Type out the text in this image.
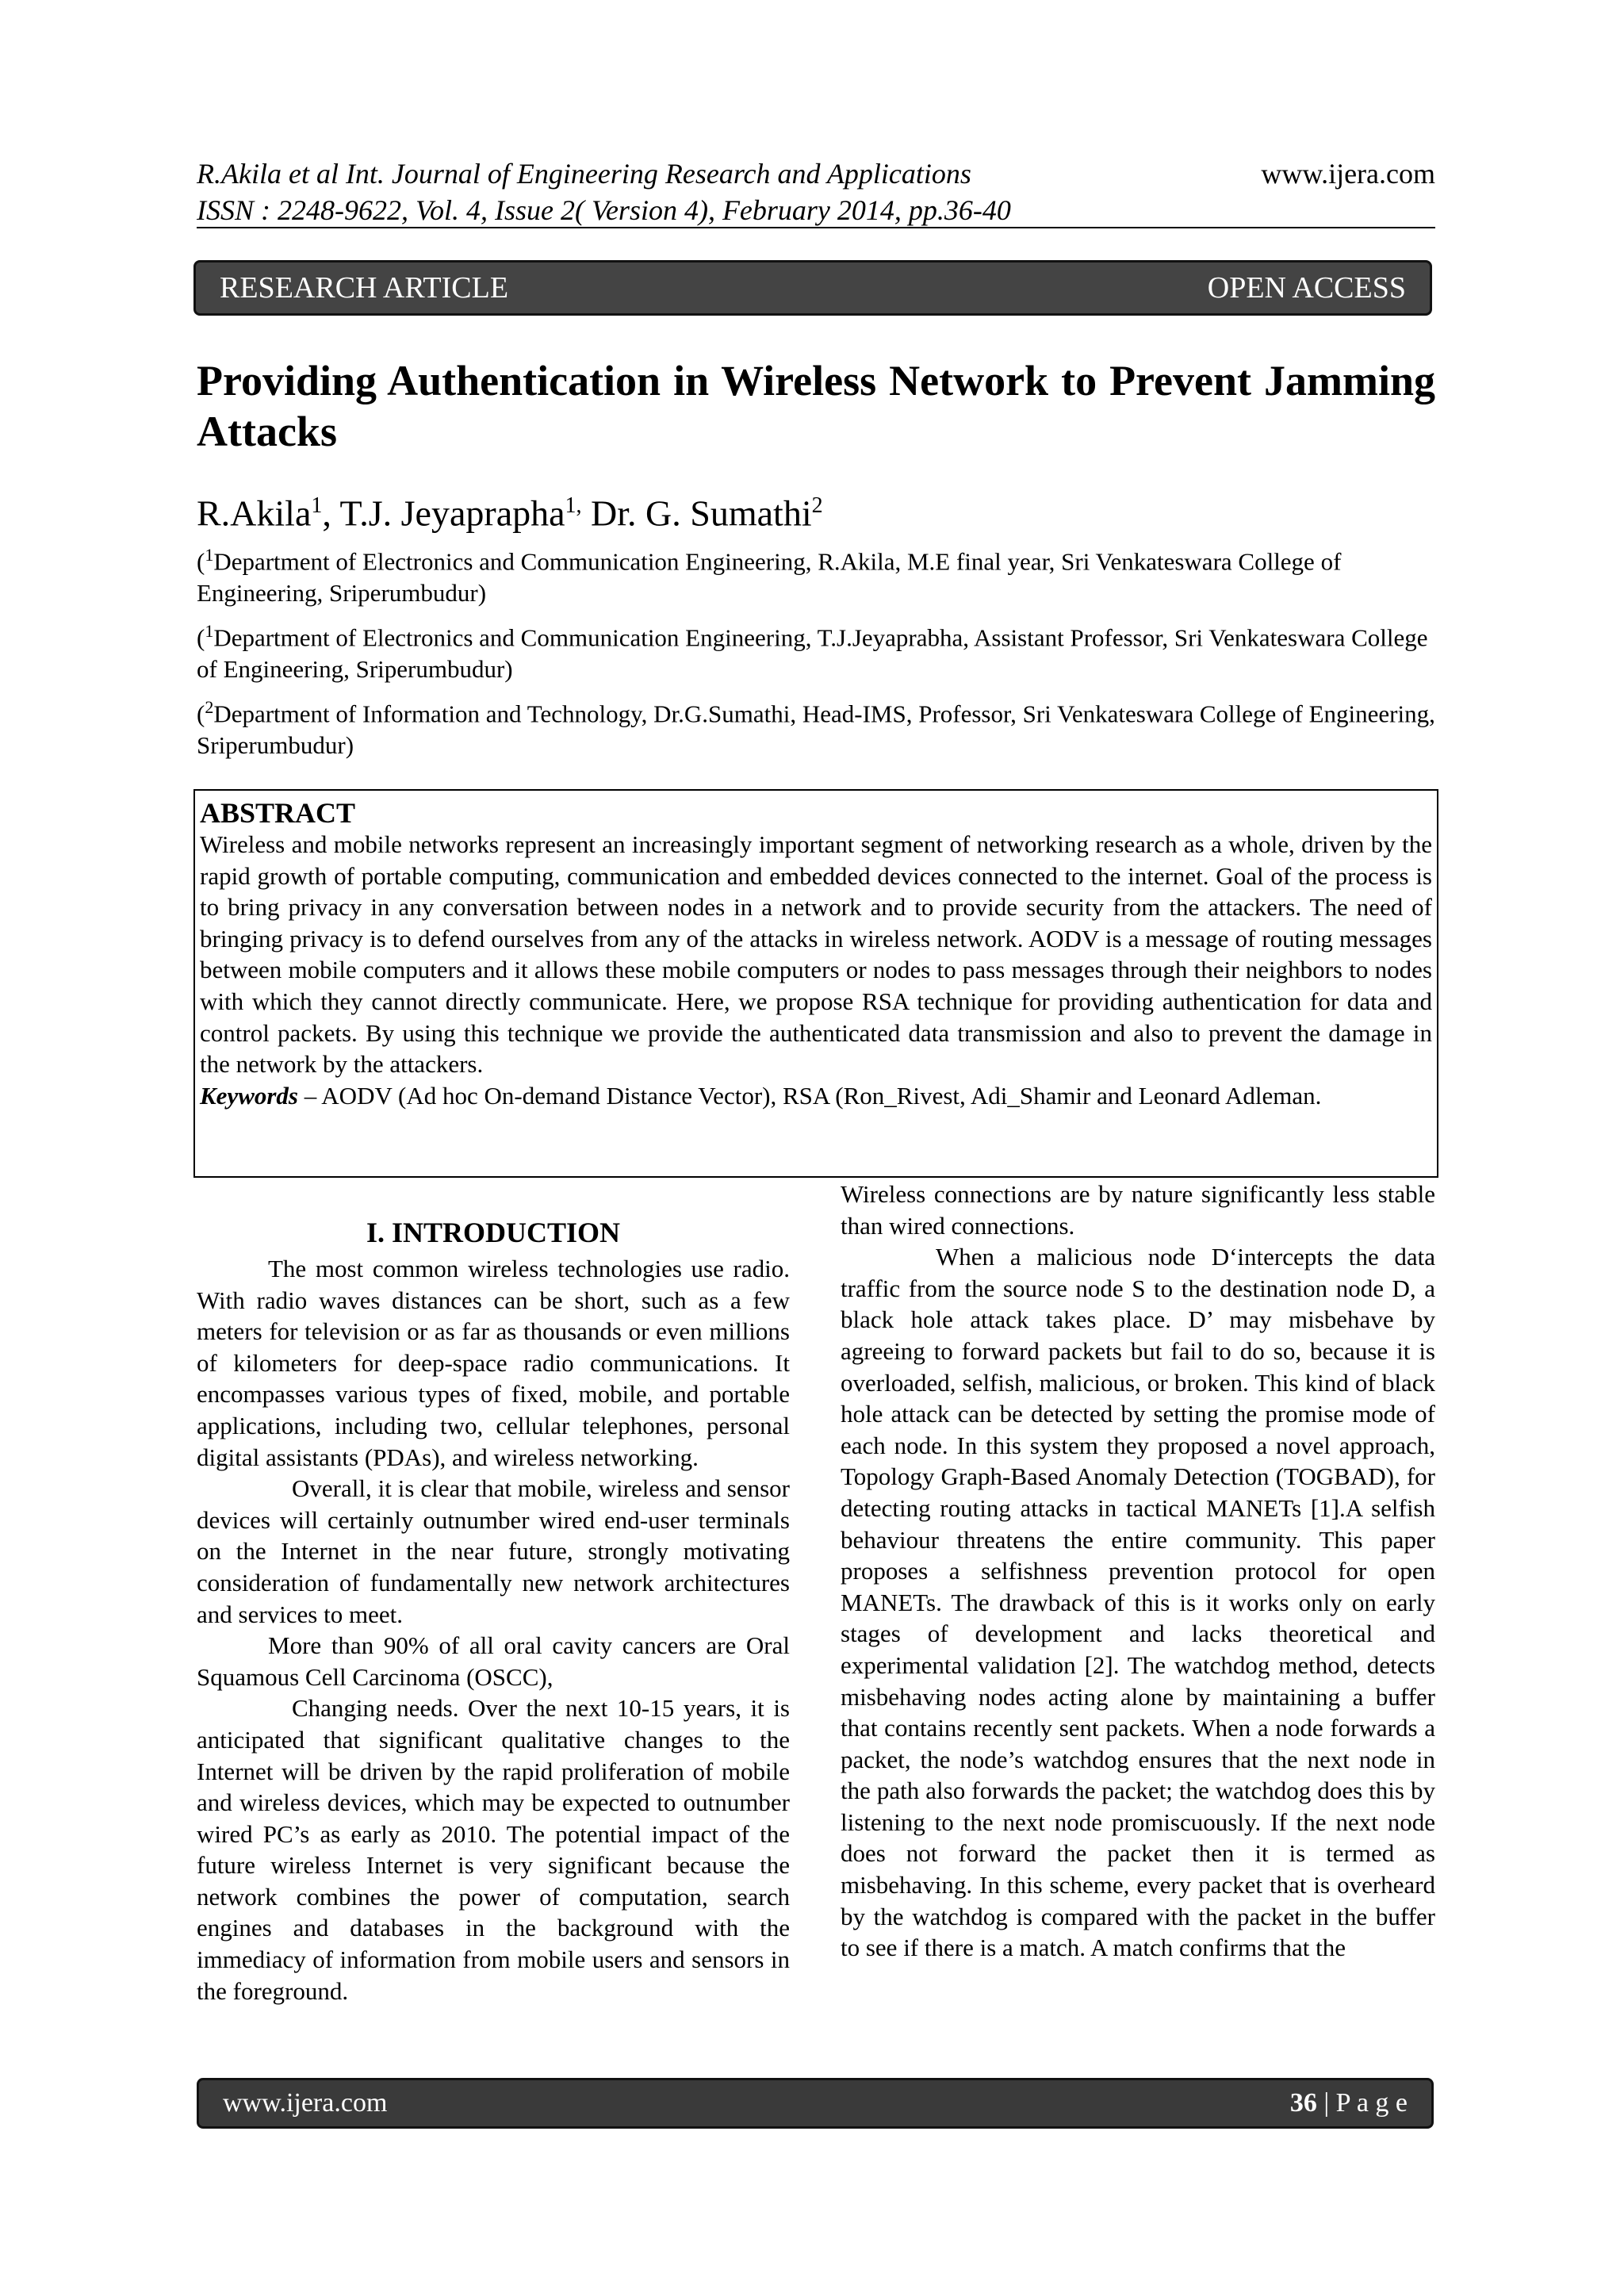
R.Akila et al Int. Journal of Engineering Research and Applications	www.ijera.com
ISSN : 2248-9622, Vol. 4, Issue 2( Version 4), February 2014, pp.36-40
RESEARCH ARTICLE	OPEN ACCESS
Providing Authentication in Wireless Network to Prevent Jamming Attacks
R.Akila$^1$, T.J. Jeyaprapha$^{1,}$ Dr. G. Sumathi$^2$
($^1$Department of Electronics and Communication Engineering, R.Akila, M.E final year, Sri Venkateswara College of Engineering, Sriperumbudur)
($^1$Department of Electronics and Communication Engineering, T.J.Jeyaprabha, Assistant Professor, Sri Venkateswara College of Engineering, Sriperumbudur)
($^2$Department of Information and Technology, Dr.G.Sumathi, Head-IMS, Professor, Sri Venkateswara College of Engineering, Sriperumbudur)
ABSTRACT
Wireless and mobile networks represent an increasingly important segment of networking research as a whole, driven by the rapid growth of portable computing, communication and embedded devices connected to the internet. Goal of the process is to bring privacy in any conversation between nodes in a network and to provide security from the attackers. The need of bringing privacy is to defend ourselves from any of the attacks in wireless network. AODV is a message of routing messages between mobile computers and it allows these mobile computers or nodes to pass messages through their neighbors to nodes with which they cannot directly communicate. Here, we propose RSA technique for providing authentication for data and control packets. By using this technique we provide the authenticated data transmission and also to prevent the damage in the network by the attackers.
Keywords – AODV (Ad hoc On-demand Distance Vector), RSA (Ron_Rivest, Adi_Shamir and Leonard Adleman.
I. INTRODUCTION

The most common wireless technologies use radio. With radio waves distances can be short, such as a few meters for television or as far as thousands or even millions of kilometers for deep-space radio communications. It encompasses various types of fixed, mobile, and portable applications, including two, cellular telephones, personal digital assistants (PDAs), and wireless networking.

Overall, it is clear that mobile, wireless and sensor devices will certainly outnumber wired end-user terminals on the Internet in the near future, strongly motivating consideration of fundamentally new network architectures and services to meet.

More than 90% of all oral cavity cancers are Oral Squamous Cell Carcinoma (OSCC),

Changing needs. Over the next 10-15 years, it is anticipated that significant qualitative changes to the Internet will be driven by the rapid proliferation of mobile and wireless devices, which may be expected to outnumber wired PC’s as early as 2010. The potential impact of the future wireless Internet is very significant because the network combines the power of computation, search engines and databases in the background with the immediacy of information from mobile users and sensors in the foreground.

Wireless connections are by nature significantly less stable than wired connections.

When a malicious node D‘intercepts the data traffic from the source node S to the destination node D, a black hole attack takes place. D’ may misbehave by agreeing to forward packets but fail to do so, because it is overloaded, selfish, malicious, or broken. This kind of black hole attack can be detected by setting the promise mode of each node. In this system they proposed a novel approach, Topology Graph-Based Anomaly Detection (TOGBAD), for detecting routing attacks in tactical MANETs [1].A selfish behaviour threatens the entire community. This paper proposes a selfishness prevention protocol for open MANETs. The drawback of this is it works only on early stages of development and lacks theoretical and experimental validation [2]. The watchdog method, detects misbehaving nodes acting alone by maintaining a buffer that contains recently sent packets. When a node forwards a packet, the node’s watchdog ensures that the next node in the path also forwards the packet; the watchdog does this by listening to the next node promiscuously. If the next node does not forward the packet then it is termed as misbehaving. In this scheme, every packet that is overheard by the watchdog is compared with the packet in the buffer to see if there is a match. A match confirms that the

www.ijera.com	36 | P a g e
